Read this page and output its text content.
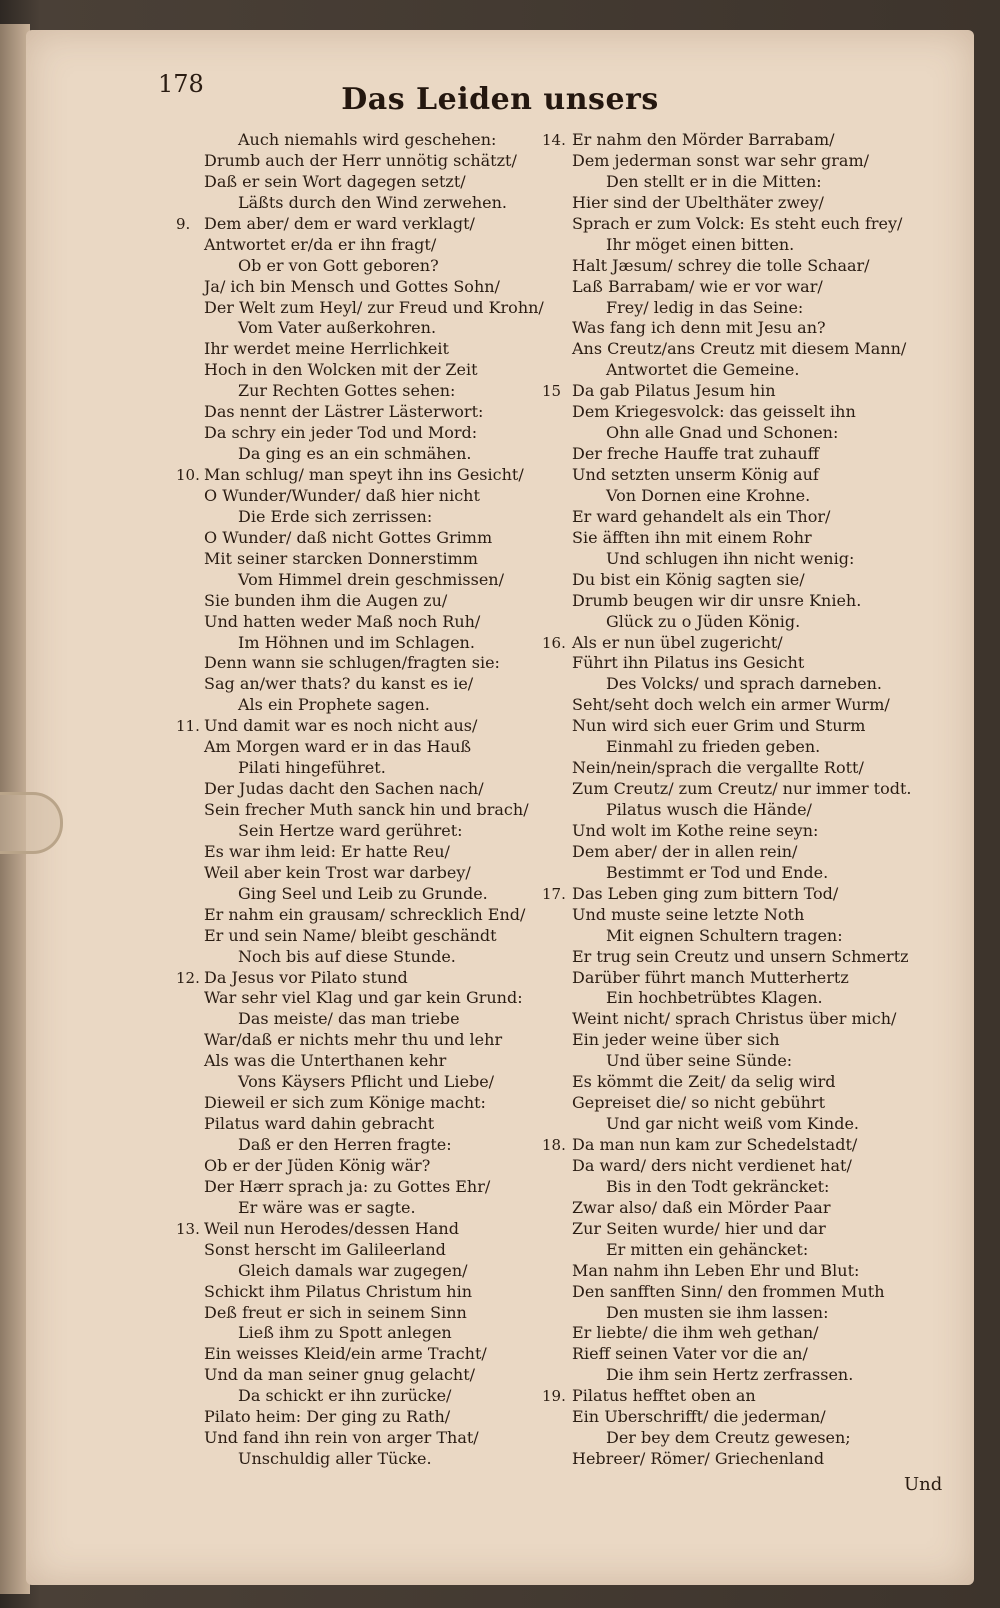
178	Das Leiden unsers
Auch niemahls wird geschehen:
Drumb auch der Herr unnötig schätzt/
Daß er sein Wort dagegen setzt/
Läßts durch den Wind zerwehen.
9. Dem aber/ dem er ward verklagt/
Antwortet er/da er ihn fragt/
Ob er von Gott geboren?
Ja/ ich bin Mensch und Gottes Sohn/
Der Welt zum Heyl/ zur Freud und Krohn/
Vom Vater außerkohren.
Ihr werdet meine Herrlichkeit
Hoch in den Wolcken mit der Zeit
Zur Rechten Gottes sehen:
Das nennt der Lästrer Lästerwort:
Da schry ein jeder Tod und Mord:
Da ging es an ein schmähen.
10. Man schlug/ man speyt ihn ins Gesicht/
O Wunder/Wunder/ daß hier nicht
Die Erde sich zerrissen:
O Wunder/ daß nicht Gottes Grimm
Mit seiner starcken Donnerstimm
Vom Himmel drein geschmissen/
Sie bunden ihm die Augen zu/
Und hatten weder Maß noch Ruh/
Im Höhnen und im Schlagen.
Denn wann sie schlugen/fragten sie:
Sag an/wer thats? du kanst es ie/
Als ein Prophete sagen.
11. Und damit war es noch nicht aus/
Am Morgen ward er in das Hauß
Pilati hingeführet.
Der Judas dacht den Sachen nach/
Sein frecher Muth sanck hin und brach/
Sein Hertze ward gerühret:
Es war ihm leid: Er hatte Reu/
Weil aber kein Trost war darbey/
Ging Seel und Leib zu Grunde.
Er nahm ein grausam/ schrecklich End/
Er und sein Name/ bleibt geschändt
Noch bis auf diese Stunde.
12. Da Jesus vor Pilato stund
War sehr viel Klag und gar kein Grund:
Das meiste/ das man triebe
War/daß er nichts mehr thu und lehr
Als was die Unterthanen kehr
Vons Käysers Pflicht und Liebe/
Dieweil er sich zum Könige macht:
Pilatus ward dahin gebracht
Daß er den Herren fragte:
Ob er der Jüden König wär?
Der Hærr sprach ja: zu Gottes Ehr/
Er wäre was er sagte.
13. Weil nun Herodes/dessen Hand
Sonst herscht im Galileerland
Gleich damals war zugegen/
Schickt ihm Pilatus Christum hin
Deß freut er sich in seinem Sinn
Ließ ihm zu Spott anlegen
Ein weisses Kleid/ein arme Tracht/
Und da man seiner gnug gelacht/
Da schickt er ihn zurücke/
Pilato heim: Der ging zu Rath/
Und fand ihn rein von arger That/
Unschuldig aller Tücke.
14. Er nahm den Mörder Barrabam/
Dem jederman sonst war sehr gram/
Den stellt er in die Mitten:
Hier sind der Ubelthäter zwey/
Sprach er zum Volck: Es steht euch frey/
Ihr möget einen bitten.
Halt Jæsum/ schrey die tolle Schaar/
Laß Barrabam/ wie er vor war/
Frey/ ledig in das Seine:
Was fang ich denn mit Jesu an?
Ans Creutz/ans Creutz mit diesem Mann/
Antwortet die Gemeine.
15 Da gab Pilatus Jesum hin
Dem Kriegesvolck: das geisselt ihn
Ohn alle Gnad und Schonen:
Der freche Hauffe trat zuhauff
Und setzten unserm König auf
Von Dornen eine Krohne.
Er ward gehandelt als ein Thor/
Sie äfften ihn mit einem Rohr
Und schlugen ihn nicht wenig:
Du bist ein König sagten sie/
Drumb beugen wir dir unsre Knieh.
Glück zu o Jüden König.
16. Als er nun übel zugericht/
Führt ihn Pilatus ins Gesicht
Des Volcks/ und sprach darneben.
Seht/seht doch welch ein armer Wurm/
Nun wird sich euer Grim und Sturm
Einmahl zu frieden geben.
Nein/nein/sprach die vergallte Rott/
Zum Creutz/ zum Creutz/ nur immer todt.
Pilatus wusch die Hände/
Und wolt im Kothe reine seyn:
Dem aber/ der in allen rein/
Bestimmt er Tod und Ende.
17. Das Leben ging zum bittern Tod/
Und muste seine letzte Noth
Mit eignen Schultern tragen:
Er trug sein Creutz und unsern Schmertz
Darüber führt manch Mutterhertz
Ein hochbetrübtes Klagen.
Weint nicht/ sprach Christus über mich/
Ein jeder weine über sich
Und über seine Sünde:
Es kömmt die Zeit/ da selig wird
Gepreiset die/ so nicht gebührt
Und gar nicht weiß vom Kinde.
18. Da man nun kam zur Schedelstadt/
Da ward/ ders nicht verdienet hat/
Bis in den Todt gekräncket:
Zwar also/ daß ein Mörder Paar
Zur Seiten wurde/ hier und dar
Er mitten ein gehäncket:
Man nahm ihn Leben Ehr und Blut:
Den sanfften Sinn/ den frommen Muth
Den musten sie ihm lassen:
Er liebte/ die ihm weh gethan/
Rieff seinen Vater vor die an/
Die ihm sein Hertz zerfrassen.
19. Pilatus hefftet oben an
Ein Uberschrifft/ die jederman/
Der bey dem Creutz gewesen;
Hebreer/ Römer/ Griechenland
Und
